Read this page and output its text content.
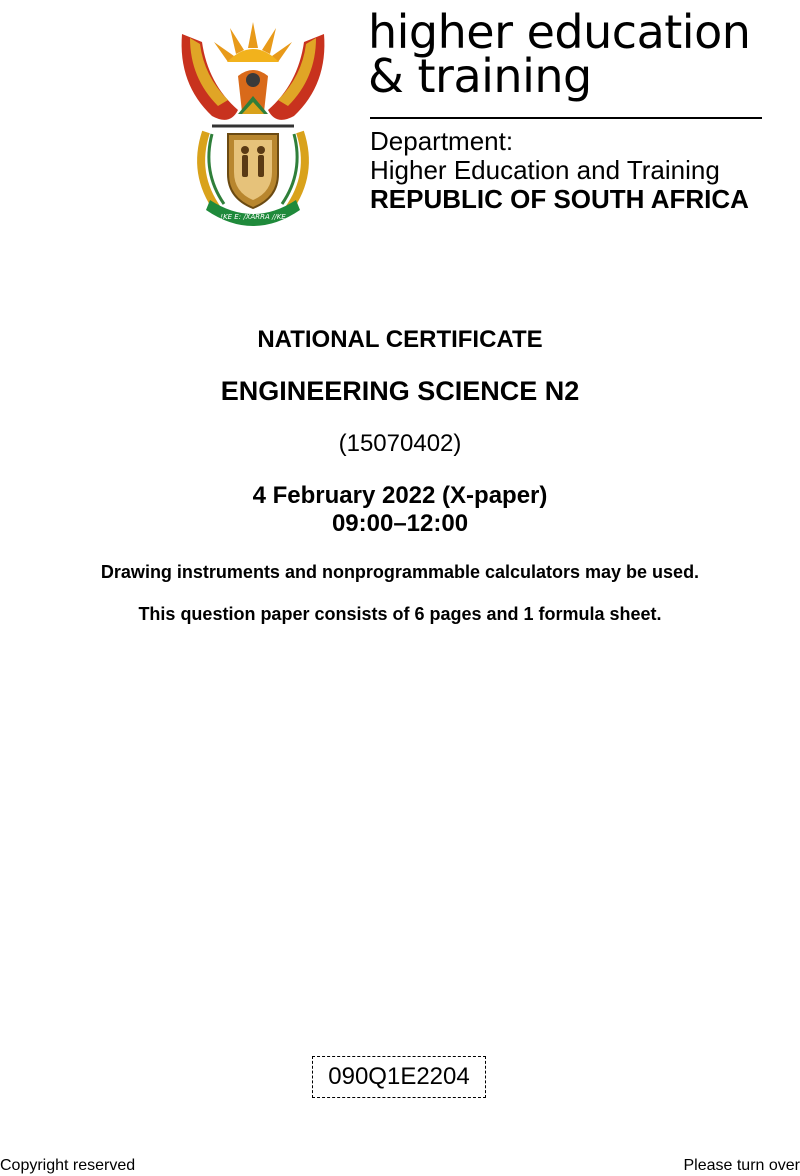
!KE E: /XARRA //KE
higher education
& training
Department:
Higher Education and Training
REPUBLIC OF SOUTH AFRICA
NATIONAL CERTIFICATE
ENGINEERING SCIENCE N2
(15070402)
4 February 2022 (X-paper)
09:00–12:00
Drawing instruments and nonprogrammable calculators may be used.
This question paper consists of 6 pages and 1 formula sheet.
090Q1E2204
Copyright reserved	Please turn over
